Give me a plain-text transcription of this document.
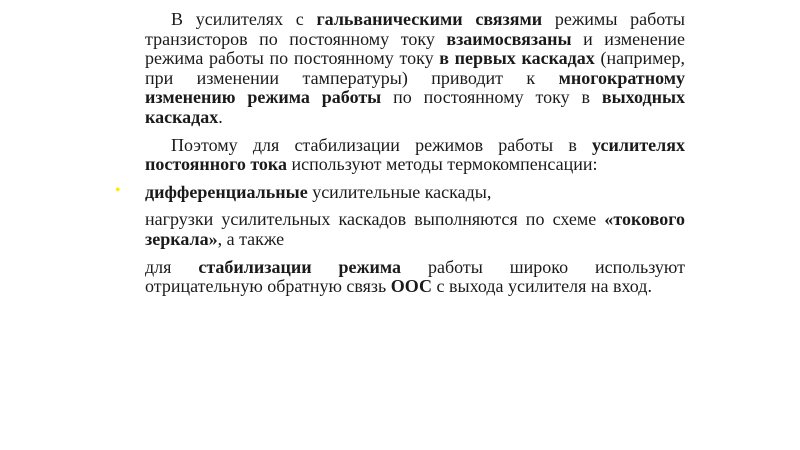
В усилителях с гальваническими связями режимы работы транзисторов по постоянному току взаимосвязаны и изменение режима работы по постоянному току в первых каскадах (например, при изменении тампературы) приводит к многократному изменению режима работы по постоянному току в выходных каскадах.

Поэтому для стабилизации режимов работы в усилителях постоянного тока используют методы термокомпенсации:

• дифференциальные усилительные каскады,

нагрузки усилительных каскадов выполняются по схеме «токового зеркала», а также

для стабилизации режима работы широко используют отрицательную обратную связь ООС с выхода усилителя на вход.
